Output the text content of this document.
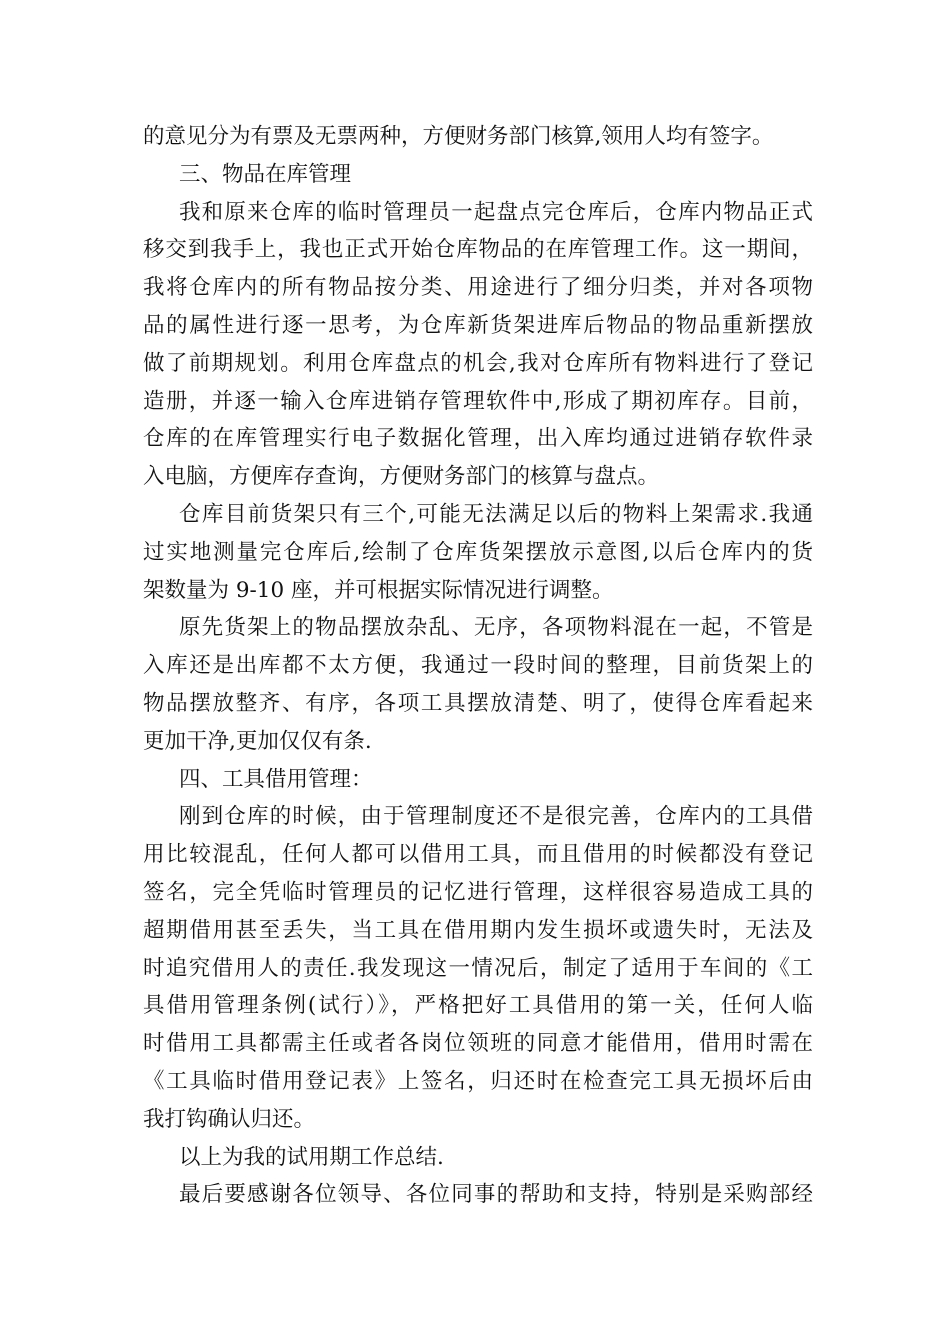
的意见分为有票及无票两种，方便财务部门核算,领用人均有签字。
三、物品在库管理
我和原来仓库的临时管理员一起盘点完仓库后，仓库内物品正式
移交到我手上，我也正式开始仓库物品的在库管理工作。这一期间，
我将仓库内的所有物品按分类、用途进行了细分归类，并对各项物
品的属性进行逐一思考，为仓库新货架进库后物品的物品重新摆放
做了前期规划。利用仓库盘点的机会,我对仓库所有物料进行了登记
造册，并逐一输入仓库进销存管理软件中,形成了期初库存。目前，
仓库的在库管理实行电子数据化管理，出入库均通过进销存软件录
入电脑，方便库存查询，方便财务部门的核算与盘点。
仓库目前货架只有三个,可能无法满足以后的物料上架需求.我通
过实地测量完仓库后,绘制了仓库货架摆放示意图,以后仓库内的货
架数量为 9-10 座，并可根据实际情况进行调整。
原先货架上的物品摆放杂乱、无序，各项物料混在一起，不管是
入库还是出库都不太方便，我通过一段时间的整理，目前货架上的
物品摆放整齐、有序，各项工具摆放清楚、明了，使得仓库看起来
更加干净,更加仅仅有条.
四、工具借用管理：
刚到仓库的时候，由于管理制度还不是很完善，仓库内的工具借
用比较混乱，任何人都可以借用工具，而且借用的时候都没有登记
签名，完全凭临时管理员的记忆进行管理，这样很容易造成工具的
超期借用甚至丢失，当工具在借用期内发生损坏或遗失时，无法及
时追究借用人的责任.我发现这一情况后，制定了适用于车间的《工
具借用管理条例(试行）》，严格把好工具借用的第一关，任何人临
时借用工具都需主任或者各岗位领班的同意才能借用，借用时需在
《工具临时借用登记表》上签名，归还时在检查完工具无损坏后由
我打钩确认归还。
以上为我的试用期工作总结.
最后要感谢各位领导、各位同事的帮助和支持，特别是采购部经
